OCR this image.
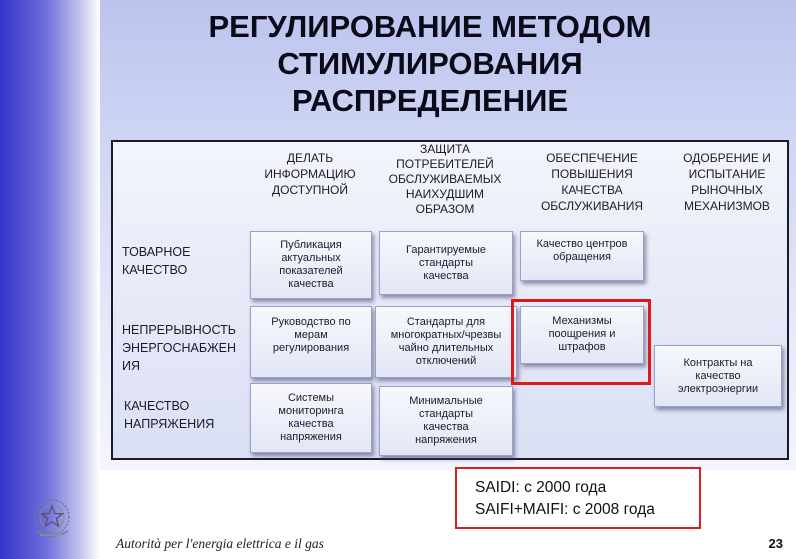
РЕГУЛИРОВАНИЕ МЕТОДОМ
СТИМУЛИРОВАНИЯ
РАСПРЕДЕЛЕНИЕ
ДЕЛАТЬ
ИНФОРМАЦИЮ
ДОСТУПНОЙ
ЗАЩИТА
ПОТРЕБИТЕЛЕЙ
ОБСЛУЖИВАЕМЫХ
НАИХУДШИМ
ОБРАЗОМ
ОБЕСПЕЧЕНИЕ
ПОВЫШЕНИЯ
КАЧЕСТВА
ОБСЛУЖИВАНИЯ
ОДОБРЕНИЕ И
ИСПЫТАНИЕ
РЫНОЧНЫХ
МЕХАНИЗМОВ
ТОВАРНОЕ
КАЧЕСТВО
НЕПРЕРЫВНОСТЬ
ЭНЕРГОСНАБЖЕН
ИЯ
КАЧЕСТВО
НАПРЯЖЕНИЯ
Публикация
актуальных
показателей
качества
Гарантируемые
стандарты
качества
Качество центров
обращения
Руководство по
мерам
регулирования
Стандарты для
многократных/чрезвы
чайно длительных
отключений
Механизмы
поощрения и
штрафов
Контракты на
качество
электроэнергии
Системы
мониторинга
качества
напряжения
Минимальные
стандарты
качества
напряжения
SAIDI: с 2000 года
SAIFI+MAIFI: с 2008 года
Autorità per l'energia elettrica e il gas	23
